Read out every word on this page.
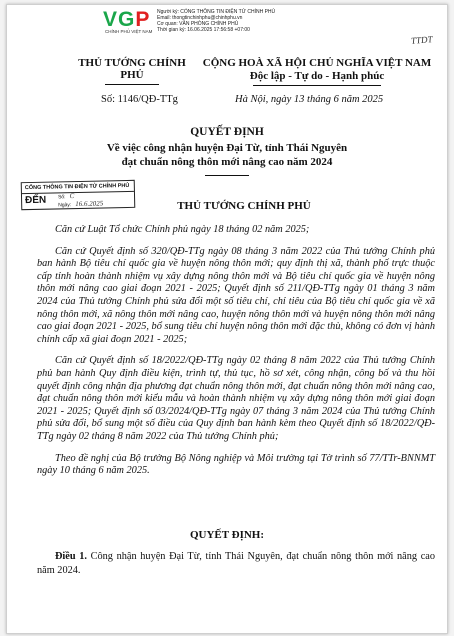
VGP
CHÍNH PHỦ VIỆT NAM
Người ký: CỔNG THÔNG TIN ĐIỆN TỬ CHÍNH PHỦ
Email: thongtinchinhphu@chinhphu.vn
Cơ quan: VĂN PHÒNG CHÍNH PHỦ
Thời gian ký: 16.06.2025 17:56:58 +07:00
TTDT
THỦ TƯỚNG CHÍNH PHỦ
CỘNG HOÀ XÃ HỘI CHỦ NGHĨA VIỆT NAM
Độc lập - Tự do - Hạnh phúc
Số: 1146/QĐ-TTg	Hà Nội, ngày 13 tháng 6 năm 2025
QUYẾT ĐỊNH
Về việc công nhận huyện Đại Từ, tỉnh Thái Nguyên
đạt chuẩn nông thôn mới nâng cao năm 2024
CỔNG THÔNG TIN ĐIỆN TỬ CHÍNH PHỦ
ĐẾN Số: C
Ngày: 16.6.2025	THỦ TƯỚNG CHÍNH PHỦ

Căn cứ Luật Tổ chức Chính phủ ngày 18 tháng 02 năm 2025;

Căn cứ Quyết định số 320/QĐ-TTg ngày 08 tháng 3 năm 2022 của Thủ tướng Chính phủ ban hành Bộ tiêu chí quốc gia về huyện nông thôn mới; quy định thị xã, thành phố trực thuộc cấp tỉnh hoàn thành nhiệm vụ xây dựng nông thôn mới và Bộ tiêu chí quốc gia về huyện nông thôn mới nâng cao giai đoạn 2021 - 2025; Quyết định số 211/QĐ-TTg ngày 01 tháng 3 năm 2024 của Thủ tướng Chính phủ sửa đổi một số tiêu chí, chỉ tiêu của Bộ tiêu chí quốc gia về xã nông thôn mới, xã nông thôn mới nâng cao, huyện nông thôn mới và huyện nông thôn mới nâng cao giai đoạn 2021 - 2025, bổ sung tiêu chí huyện nông thôn mới đặc thù, không có đơn vị hành chính cấp xã giai đoạn 2021 - 2025;

Căn cứ Quyết định số 18/2022/QĐ-TTg ngày 02 tháng 8 năm 2022 của Thủ tướng Chính phủ ban hành Quy định điều kiện, trình tự, thủ tục, hồ sơ xét, công nhận, công bố và thu hồi quyết định công nhận địa phương đạt chuẩn nông thôn mới, đạt chuẩn nông thôn mới nâng cao, đạt chuẩn nông thôn mới kiểu mẫu và hoàn thành nhiệm vụ xây dựng nông thôn mới giai đoạn 2021 - 2025; Quyết định số 03/2024/QĐ-TTg ngày 07 tháng 3 năm 2024 của Thủ tướng Chính phủ sửa đổi, bổ sung một số điều của Quy định ban hành kèm theo Quyết định số 18/2022/QĐ-TTg ngày 02 tháng 8 năm 2022 của Thủ tướng Chính phủ;

Theo đề nghị của Bộ trưởng Bộ Nông nghiệp và Môi trường tại Tờ trình số 77/TTr-BNNMT ngày 10 tháng 6 năm 2025.

QUYẾT ĐỊNH:
Điều 1. Công nhận huyện Đại Từ, tỉnh Thái Nguyên, đạt chuẩn nông thôn mới nâng cao năm 2024.
